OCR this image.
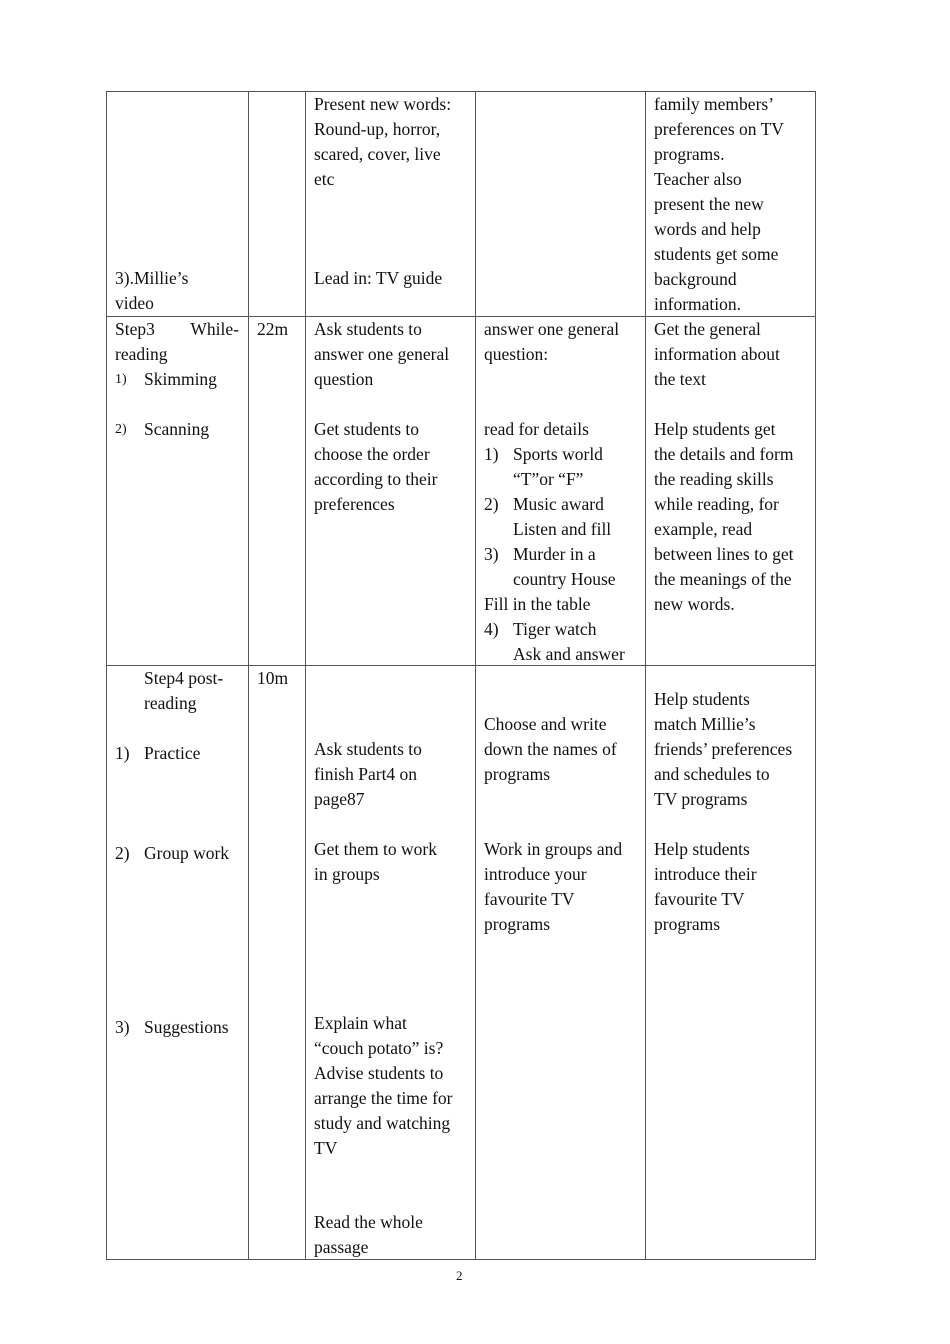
3).Millie’s
video
Present new words:
Round-up, horror,
scared, cover, live
etc
Lead in: TV guide
family members’
preferences on TV
programs.
Teacher also
present the new
words and help
students get some
background
information.
Step3 While-
reading
1) Skimming
2) Scanning
22m Ask students to
answer one general
question
Get students to
choose the order
according to their
preferences
answer one general
question:
read for details
1) Sports world
“T”or “F”
2) Music award
Listen and fill
3) Murder in a
country House
Fill in the table
4) Tiger watch
Ask and answer
Get the general
information about
the text
Help students get
the details and form
the reading skills
while reading, for
example, read
between lines to get
the meanings of the
new words.
Step4 post-
reading
1) Practice
2) Group work
3) Suggestions
10m
Ask students to
finish Part4 on
page87
Get them to work
in groups
Explain what
“couch potato” is?
Advise students to
arrange the time for
study and watching
TV
Read the whole
passage
Choose and write
down the names of
programs
Work in groups and
introduce your
favourite TV
programs
Help students
match Millie’s
friends’ preferences
and schedules to
TV programs
Help students
introduce their
favourite TV
programs
2
